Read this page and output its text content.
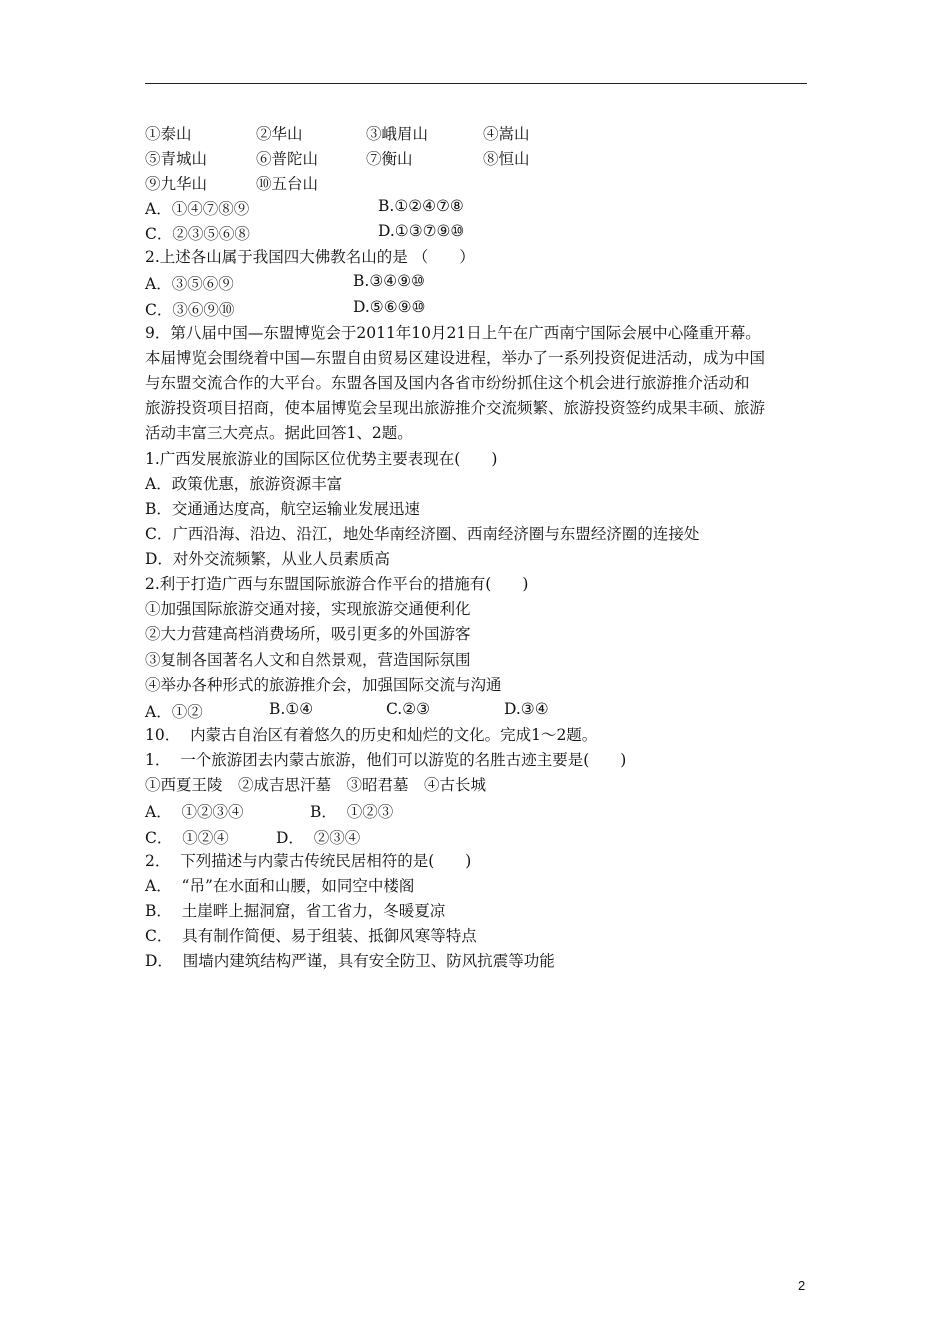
①泰山	②华山	③峨眉山	④嵩山
⑤青城山	⑥普陀山	⑦衡山	⑧恒山
⑨九华山	⑩五台山
A．①④⑦⑧⑨	B.①②④⑦⑧
C．②③⑤⑥⑧	D.①③⑦⑨⑩
2.上述各山属于我国四大佛教名山的是 （　　）
A．③⑤⑥⑨	B.③④⑨⑩
C．③⑥⑨⑩	D.⑤⑥⑨⑩
9．第八届中国—东盟博览会于2011年10月21日上午在广西南宁国际会展中心隆重开幕。
本届博览会围绕着中国—东盟自由贸易区建设进程，举办了一系列投资促进活动，成为中国
与东盟交流合作的大平台。东盟各国及国内各省市纷纷抓住这个机会进行旅游推介活动和
旅游投资项目招商，使本届博览会呈现出旅游推介交流频繁、旅游投资签约成果丰硕、旅游
活动丰富三大亮点。据此回答1、2题。
1.广西发展旅游业的国际区位优势主要表现在(　　)
A．政策优惠，旅游资源丰富
B．交通通达度高，航空运输业发展迅速
C．广西沿海、沿边、沿江，地处华南经济圈、西南经济圈与东盟经济圈的连接处
D．对外交流频繁，从业人员素质高
2.利于打造广西与东盟国际旅游合作平台的措施有(　　)
①加强国际旅游交通对接，实现旅游交通便利化
②大力营建高档消费场所，吸引更多的外国游客
③复制各国著名人文和自然景观，营造国际氛围
④举办各种形式的旅游推介会，加强国际交流与沟通
A．①②	B.①④	C.②③	D.③④
10．  内蒙古自治区有着悠久的历史和灿烂的文化。完成1～2题。
1．  一个旅游团去内蒙古旅游，他们可以游览的名胜古迹主要是(　　)
①西夏王陵　②成吉思汗墓　③昭君墓　④古长城
A．  ①②③④	B．  ①②③
C．  ①②④	D．  ②③④
2．  下列描述与内蒙古传统民居相符的是(　　)
A．  “吊”在水面和山腰，如同空中楼阁
B．  土崖畔上掘洞窟，省工省力，冬暖夏凉
C．  具有制作简便、易于组装、抵御风寒等特点
D．  围墙内建筑结构严谨，具有安全防卫、防风抗震等功能
2
